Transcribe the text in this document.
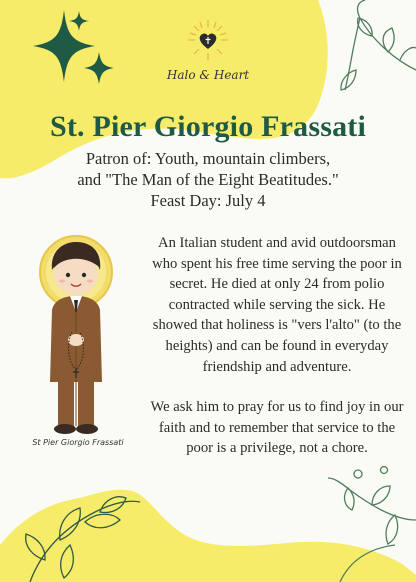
Halo & Heart
St. Pier Giorgio Frassati
Patron of: Youth, mountain climbers,
and "The Man of the Eight Beatitudes."
Feast Day: July 4
St Pier Giorgio Frassati

An Italian student and avid outdoorsman who spent his free time serving the poor in secret. He died at only 24 from polio contracted while serving the sick. He showed that holiness is "vers l'alto" (to the heights) and can be found in everyday friendship and adventure.

We ask him to pray for us to find joy in our faith and to remember that service to the poor is a privilege, not a chore.
